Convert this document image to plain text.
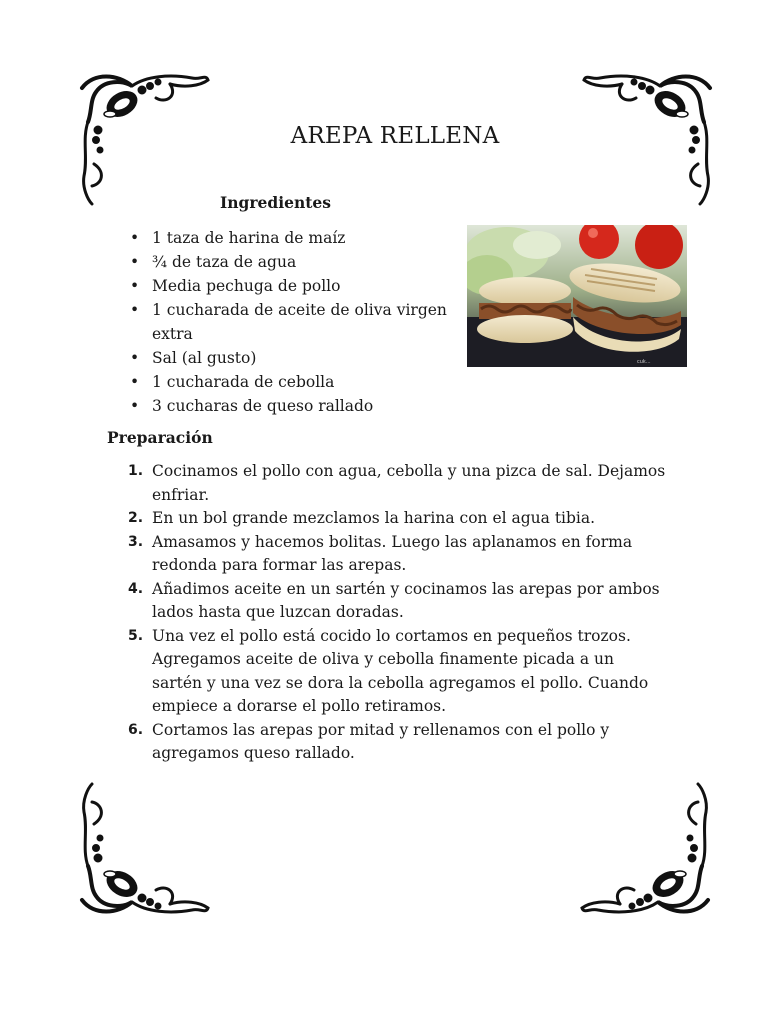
AREPA RELLENA
Ingredientes
• 1 taza de harina de maíz
• ¾ de taza de agua
• Media pechuga de pollo
• 1 cucharada de aceite de oliva virgen extra
• Sal (al gusto)
• 1 cucharada de cebolla
• 3 cucharas de queso rallado
cuk...
Preparación
1. Cocinamos el pollo con agua, cebolla y una pizca de sal. Dejamos enfriar.
2. En un bol grande mezclamos la harina con el agua tibia.
3. Amasamos y hacemos bolitas. Luego las aplanamos en forma redonda para formar las arepas.
4. Añadimos aceite en un sartén y cocinamos las arepas por ambos lados hasta que luzcan doradas.
5. Una vez el pollo está cocido lo cortamos en pequeños trozos. Agregamos aceite de oliva y cebolla finamente picada a un sartén y una vez se dora la cebolla agregamos el pollo. Cuando empiece a dorarse el pollo retiramos.
6. Cortamos las arepas por mitad y rellenamos con el pollo y agregamos queso rallado.
